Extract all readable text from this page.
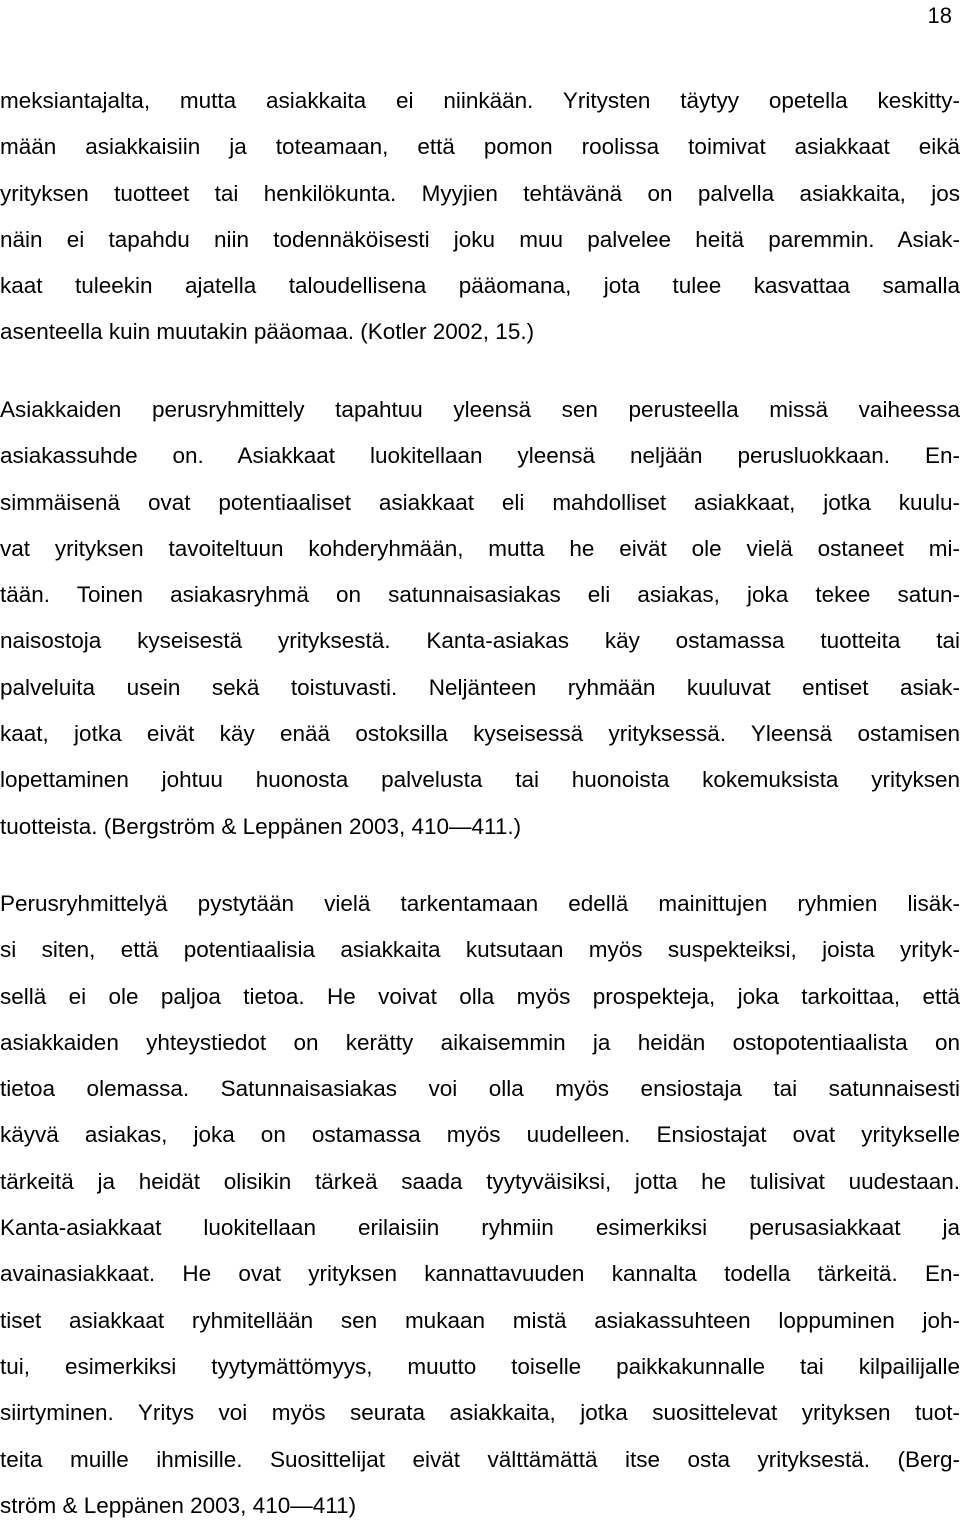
18
meksiantajalta, mutta asiakkaita ei niinkään. Yritysten täytyy opetella keskitty-
mään asiakkaisiin ja toteamaan, että pomon roolissa toimivat asiakkaat eikä
yrityksen tuotteet tai henkilökunta. Myyjien tehtävänä on palvella asiakkaita, jos
näin ei tapahdu niin todennäköisesti joku muu palvelee heitä paremmin. Asiak-
kaat tuleekin ajatella taloudellisena pääomana, jota tulee kasvattaa samalla
asenteella kuin muutakin pääomaa. (Kotler 2002, 15.)
Asiakkaiden perusryhmittely tapahtuu yleensä sen perusteella missä vaiheessa
asiakassuhde on. Asiakkaat luokitellaan yleensä neljään perusluokkaan. En-
simmäisenä ovat potentiaaliset asiakkaat eli mahdolliset asiakkaat, jotka kuulu-
vat yrityksen tavoiteltuun kohderyhmään, mutta he eivät ole vielä ostaneet mi-
tään. Toinen asiakasryhmä on satunnaisasiakas eli asiakas, joka tekee satun-
naisostoja kyseisestä yrityksestä. Kanta-asiakas käy ostamassa tuotteita tai
palveluita usein sekä toistuvasti. Neljänteen ryhmään kuuluvat entiset asiak-
kaat, jotka eivät käy enää ostoksilla kyseisessä yrityksessä. Yleensä ostamisen
lopettaminen johtuu huonosta palvelusta tai huonoista kokemuksista yrityksen
tuotteista. (Bergström & Leppänen 2003, 410—411.)
Perusryhmittelyä pystytään vielä tarkentamaan edellä mainittujen ryhmien lisäk-
si siten, että potentiaalisia asiakkaita kutsutaan myös suspekteiksi, joista yrityk-
sellä ei ole paljoa tietoa. He voivat olla myös prospekteja, joka tarkoittaa, että
asiakkaiden yhteystiedot on kerätty aikaisemmin ja heidän ostopotentiaalista on
tietoa olemassa. Satunnaisasiakas voi olla myös ensiostaja tai satunnaisesti
käyvä asiakas, joka on ostamassa myös uudelleen. Ensiostajat ovat yritykselle
tärkeitä ja heidät olisikin tärkeä saada tyytyväisiksi, jotta he tulisivat uudestaan.
Kanta-asiakkaat luokitellaan erilaisiin ryhmiin esimerkiksi perusasiakkaat ja
avainasiakkaat. He ovat yrityksen kannattavuuden kannalta todella tärkeitä. En-
tiset asiakkaat ryhmitellään sen mukaan mistä asiakassuhteen loppuminen joh-
tui, esimerkiksi tyytymättömyys, muutto toiselle paikkakunnalle tai kilpailijalle
siirtyminen. Yritys voi myös seurata asiakkaita, jotka suosittelevat yrityksen tuot-
teita muille ihmisille. Suosittelijat eivät välttämättä itse osta yrityksestä. (Berg-
ström & Leppänen 2003, 410—411)
